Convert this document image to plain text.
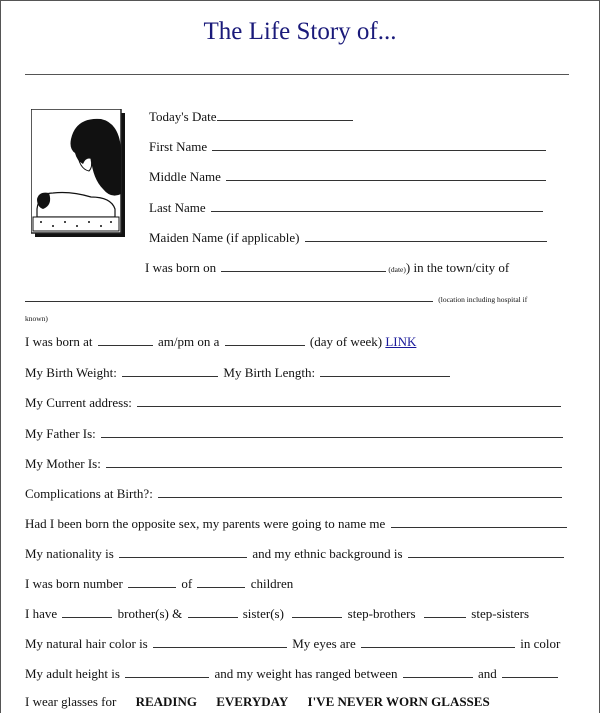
The Life Story of...
Today's Date
First Name
Middle Name
Last Name
Maiden Name (if applicable)
I was born on	(date)) in the town/city of
(location including hospital if
known)
I was born at	am/pm on a	(day of week) LINK
My Birth Weight:	My Birth Length:
My Current address:
My Father Is:
My Mother Is:
Complications at Birth?:
Had I been born the opposite sex, my parents were going to name me
My nationality is	and my ethnic background is
I was born number	of	children
I have	brother(s) &	sister(s)	step-brothers	step-sisters
My natural hair color is	My eyes are	in color
My adult height is	and my weight has ranged between	and
I wear glasses for READING EVERYDAY I'VE NEVER WORN GLASSES
